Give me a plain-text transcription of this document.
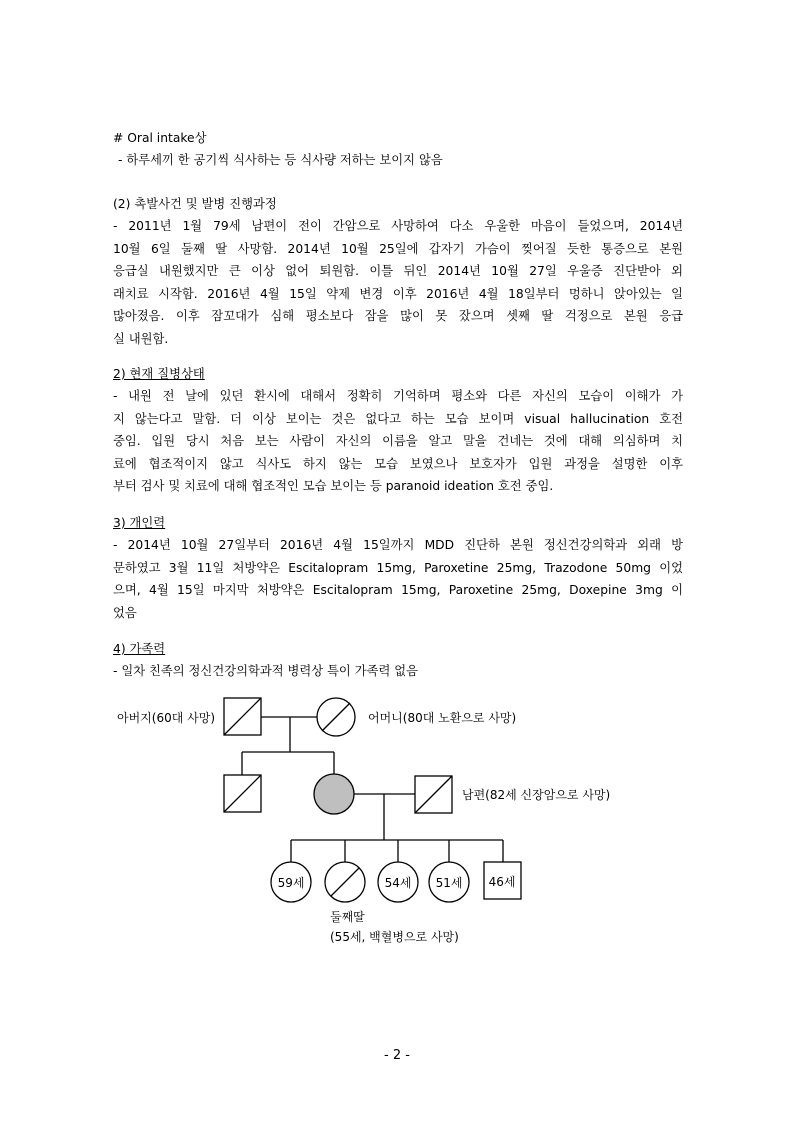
# Oral intake상
- 하루세끼 한 공기씩 식사하는 등 식사량 저하는 보이지 않음
(2) 촉발사건 및 발병 진행과정
- 2011년 1월 79세 남편이 전이 간암으로 사망하여 다소 우울한 마음이 들었으며, 2014년
10월 6일 둘째 딸 사망함. 2014년 10월 25일에 갑자기 가슴이 찢어질 듯한 통증으로 본원
응급실 내원했지만 큰 이상 없어 퇴원함. 이틀 뒤인 2014년 10월 27일 우울증 진단받아 외
래치료 시작함. 2016년 4월 15일 약제 변경 이후 2016년 4월 18일부터 멍하니 앉아있는 일
많아졌음. 이후 잠꼬대가 심해 평소보다 잠을 많이 못 잤으며 셋째 딸 걱정으로 본원 응급
실 내원함.
2) 현재 질병상태
- 내원 전 날에 있던 환시에 대해서 정확히 기억하며 평소와 다른 자신의 모습이 이해가 가
지 않는다고 말함. 더 이상 보이는 것은 없다고 하는 모습 보이며 visual hallucination 호전
중임. 입원 당시 처음 보는 사람이 자신의 이름을 알고 말을 건네는 것에 대해 의심하며 치
료에 협조적이지 않고 식사도 하지 않는 모습 보였으나 보호자가 입원 과정을 설명한 이후
부터 검사 및 치료에 대해 협조적인 모습 보이는 등 paranoid ideation 호전 중임.
3) 개인력
- 2014년 10월 27일부터 2016년 4월 15일까지 MDD 진단하 본원 정신건강의학과 외래 방
문하였고 3월 11일 처방약은 Escitalopram 15mg, Paroxetine 25mg, Trazodone 50mg 이었
으며, 4월 15일 마지막 처방약은 Escitalopram 15mg, Paroxetine 25mg, Doxepine 3mg 이
었음
4) 가족력
- 일차 친족의 정신건강의학과적 병력상 특이 가족력 없음
아버지(60대 사망)	어머니(80대 노환으로 사망)
남편(82세 신장암으로 사망)
59세	54세 51세 46세
둘째딸
(55세, 백혈병으로 사망)
- 2 -
